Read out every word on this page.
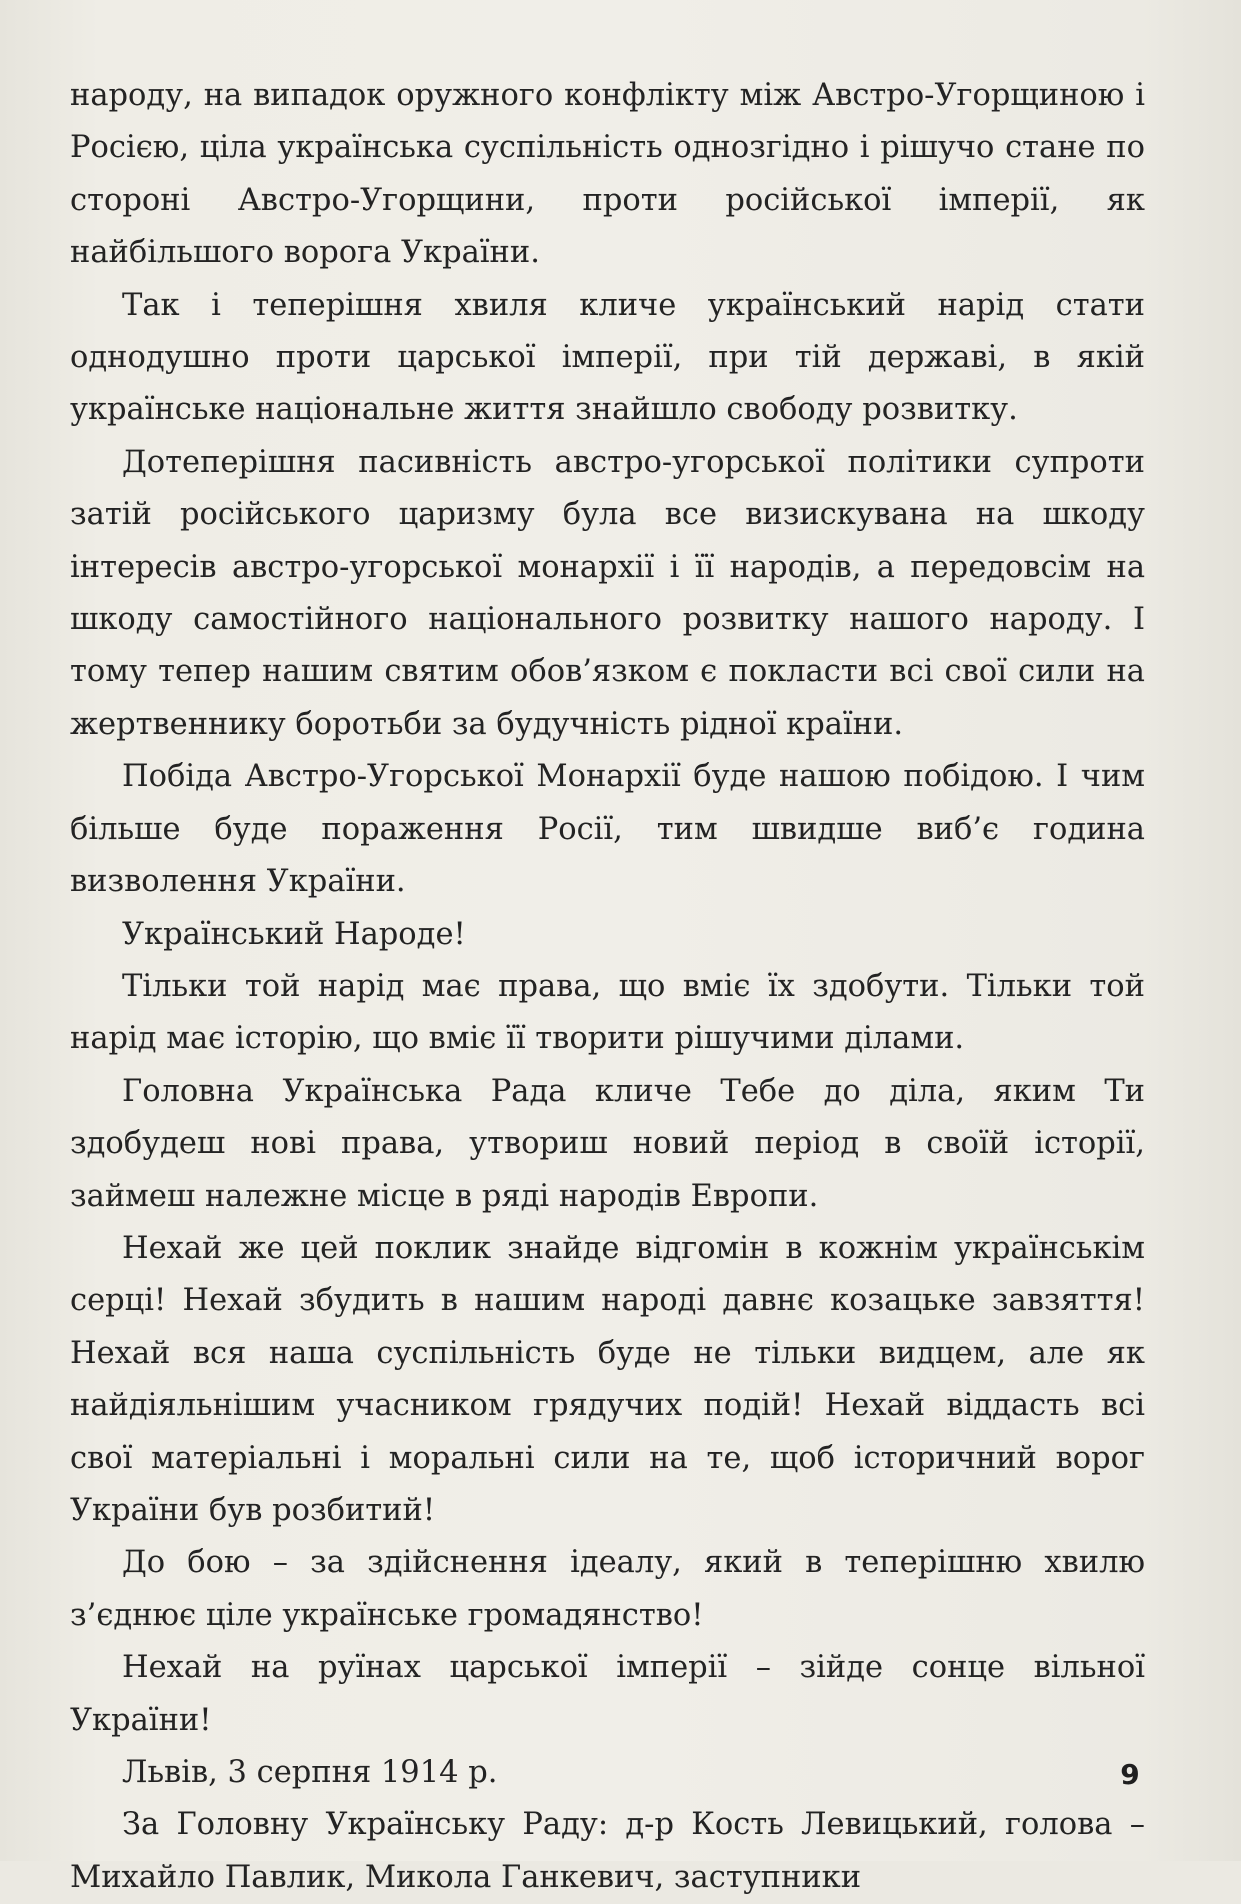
народу, на випадок оружного конфлікту між Австро-Угорщиною і Росією, ціла українська суспільність однозгідно і рішучо стане по стороні Австро-Угорщини, проти російської імперії, як найбільшого ворога України.

Так і теперішня хвиля кличе український нарід стати однодушно проти царської імперії, при тій державі, в якій українське національне життя знайшло свободу розвитку.

Дотеперішня пасивність австро-угорської політики супроти затій російського царизму була все визискувана на шкоду інтересів австро-угорської монархії і її народів, а передовсім на шкоду самостійного національного розвитку нашого народу. І тому тепер нашим святим обов’язком є покласти всі свої сили на жертвеннику боротьби за будучність рідної країни.

Побіда Австро-Угорської Монархії буде нашою побідою. І чим більше буде пораження Росії, тим швидше виб’є година визволення України.

Український Народе!

Тільки той нарід має права, що вміє їх здобути. Тільки той нарід має історію, що вміє її творити рішучими ділами.

Головна Українська Рада кличе Тебе до діла, яким Ти здобудеш нові права, утвориш новий період в своїй історії, займеш належне місце в ряді народів Европи.

Нехай же цей поклик знайде відгомін в кожнім українськім серці! Нехай збудить в нашим народі давнє козацьке завзяття! Нехай вся наша суспільність буде не тільки видцем, але як найдіяльнішим учасником грядучих подій! Нехай віддасть всі свої матеріальні і моральні сили на те, щоб історичний ворог України був розбитий!

До бою – за здійснення ідеалу, який в теперішню хвилю з’єднює ціле українське громадянство!

Нехай на руїнах царської імперії – зійде сонце вільної України!

Львів, 3 серпня 1914 р.

За Головну Українську Раду: д-р Кость Левицький, голова – Михайло Павлик, Микола Ганкевич, заступники

9
